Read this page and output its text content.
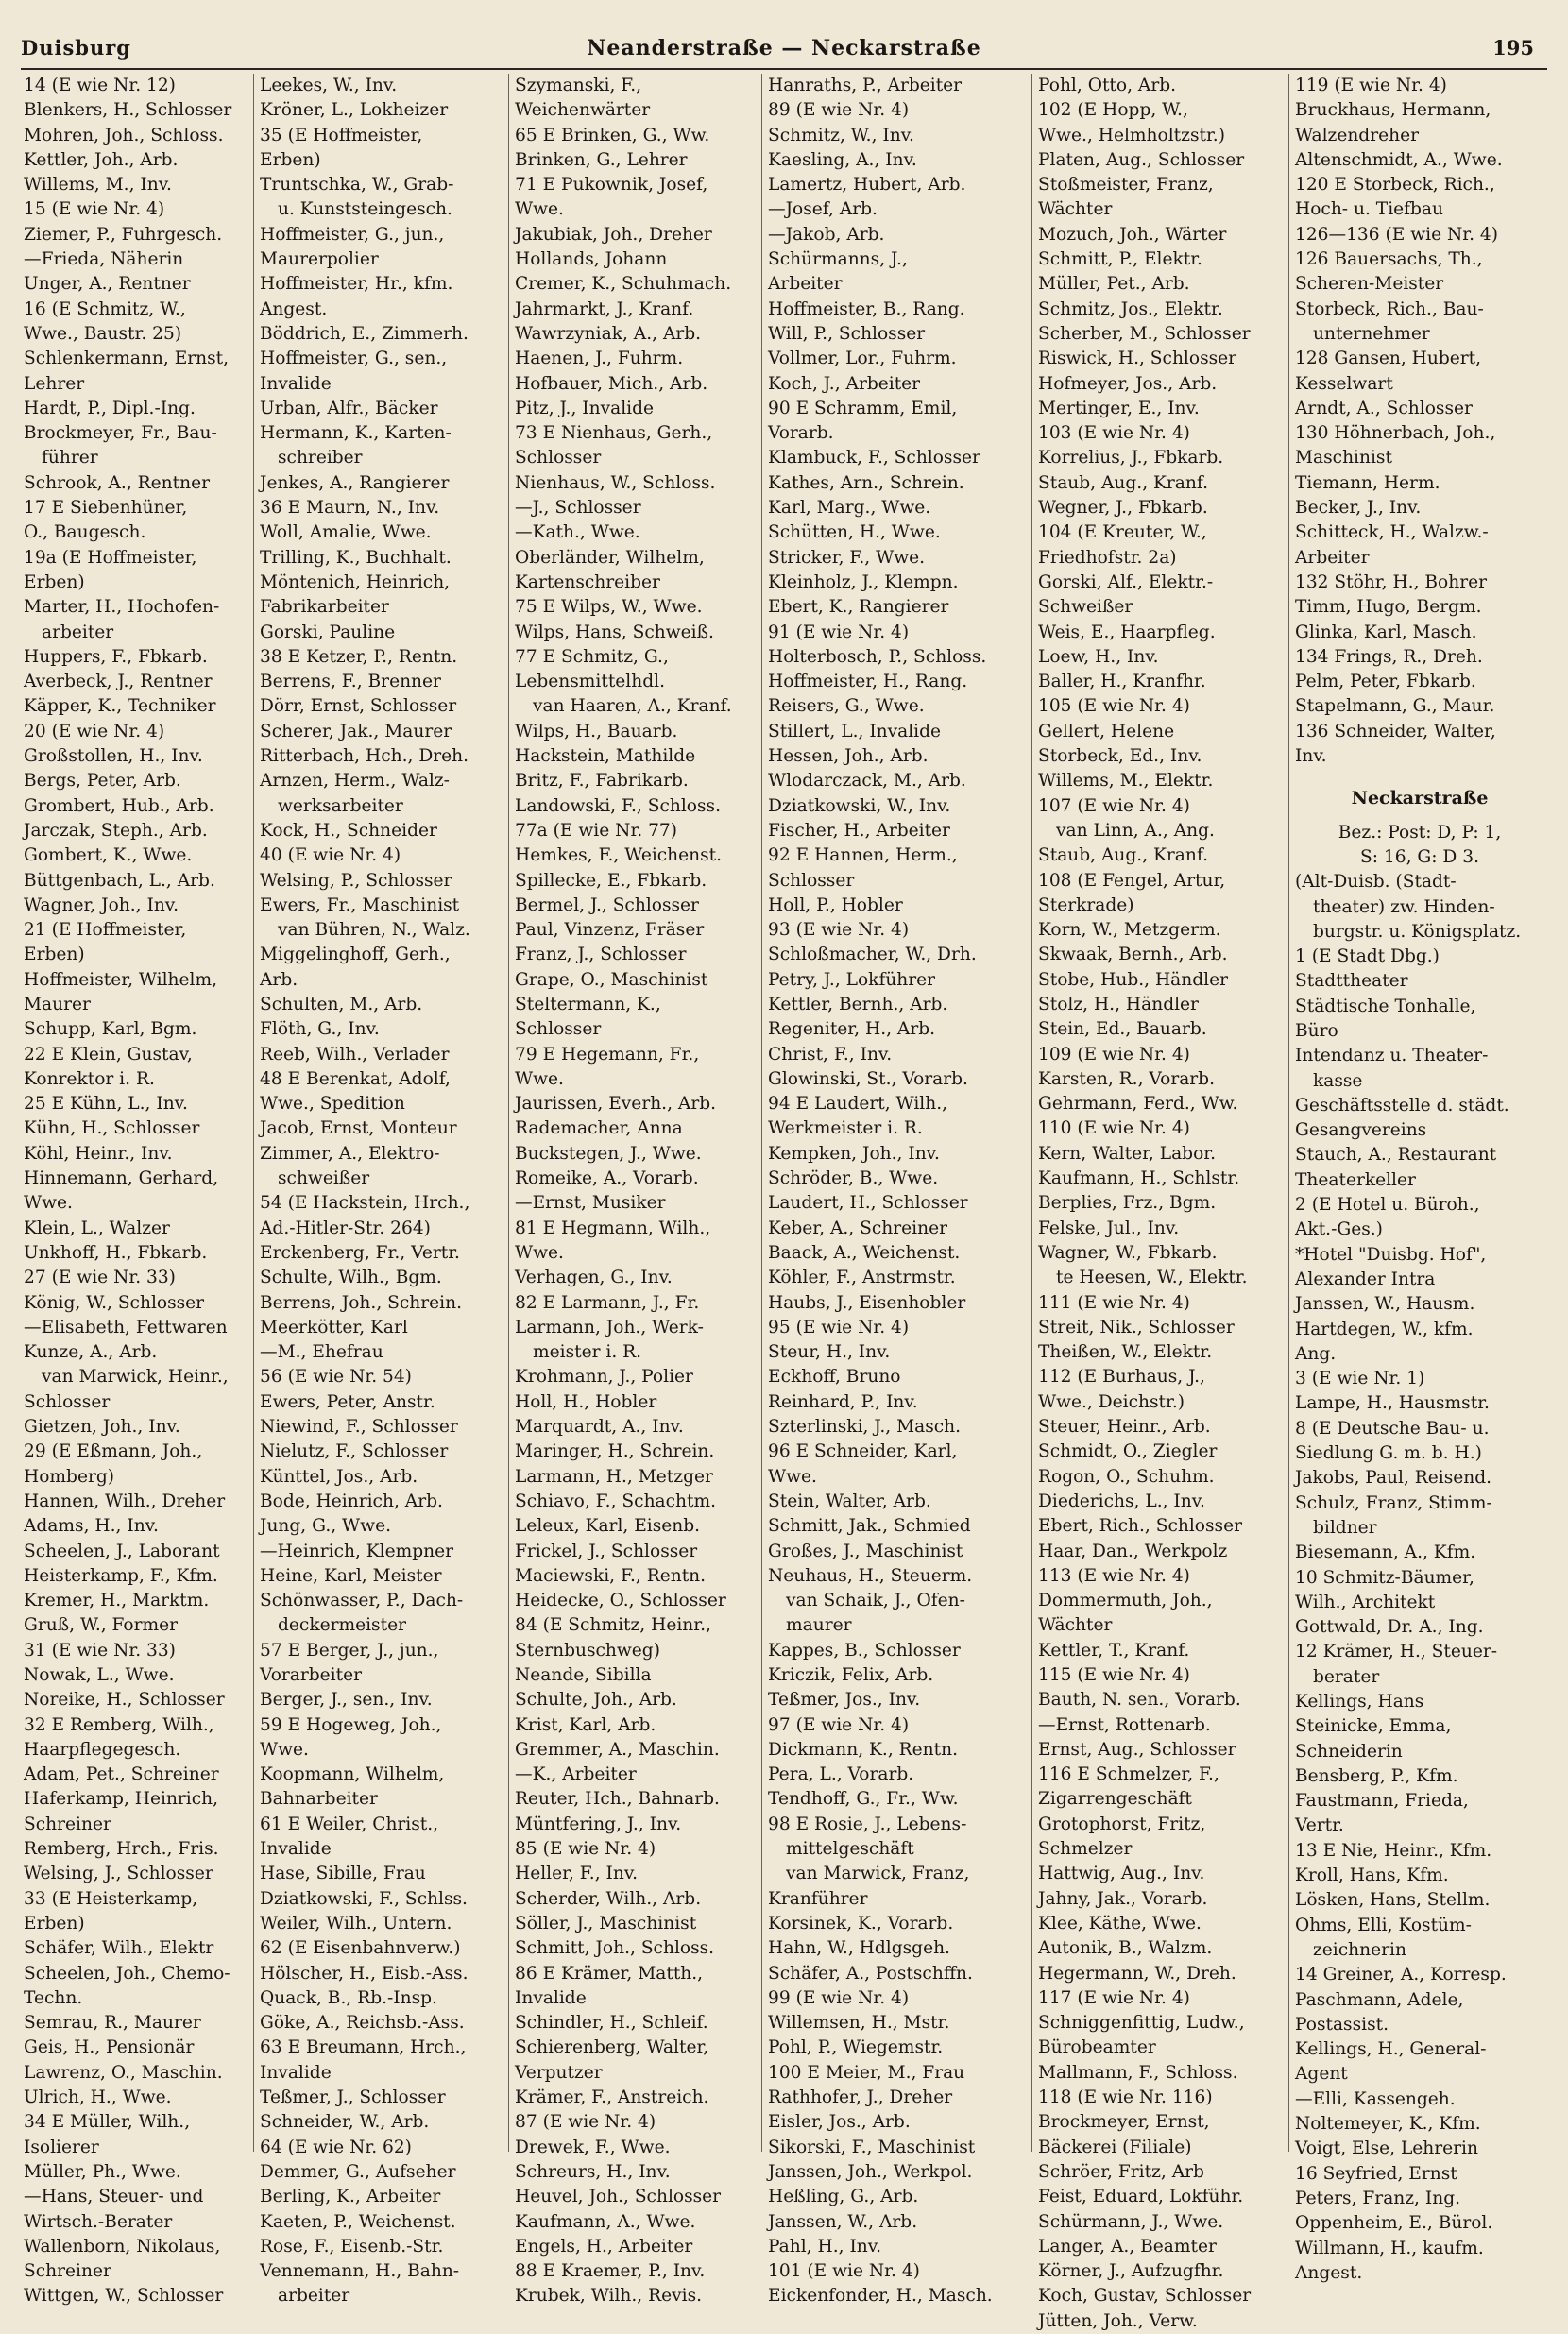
Duisburg	Neanderstraße — Neckarstraße	195
14 (E wie Nr. 12)
Blenkers, H., Schlosser
Mohren, Joh., Schloss.
Kettler, Joh., Arb.
Willems, M., Inv.
15 (E wie Nr. 4)
Ziemer, P., Fuhrgesch.
—Frieda, Näherin
Unger, A., Rentner
16 (E Schmitz, W.,
Wwe., Baustr. 25)
Schlenkermann, Ernst,
Lehrer
Hardt, P., Dipl.-Ing.
Brockmeyer, Fr., Bau-
führer
Schrook, A., Rentner
17 E Siebenhüner,
O., Baugesch.
19a (E Hoffmeister,
Erben)
Marter, H., Hochofen-
arbeiter
Huppers, F., Fbkarb.
Averbeck, J., Rentner
Käpper, K., Techniker
20 (E wie Nr. 4)
Großstollen, H., Inv.
Bergs, Peter, Arb.
Grombert, Hub., Arb.
Jarczak, Steph., Arb.
Gombert, K., Wwe.
Büttgenbach, L., Arb.
Wagner, Joh., Inv.
21 (E Hoffmeister,
Erben)
Hoffmeister, Wilhelm,
Maurer
Schupp, Karl, Bgm.
22 E Klein, Gustav,
Konrektor i. R.
25 E Kühn, L., Inv.
Kühn, H., Schlosser
Köhl, Heinr., Inv.
Hinnemann, Gerhard,
Wwe.
Klein, L., Walzer
Unkhoff, H., Fbkarb.
27 (E wie Nr. 33)
König, W., Schlosser
—Elisabeth, Fettwaren
Kunze, A., Arb.
van Marwick, Heinr.,
Schlosser
Gietzen, Joh., Inv.
29 (E Eßmann, Joh.,
Homberg)
Hannen, Wilh., Dreher
Adams, H., Inv.
Scheelen, J., Laborant
Heisterkamp, F., Kfm.
Kremer, H., Marktm.
Gruß, W., Former
31 (E wie Nr. 33)
Nowak, L., Wwe.
Noreike, H., Schlosser
32 E Remberg, Wilh.,
Haarpflegegesch.
Adam, Pet., Schreiner
Haferkamp, Heinrich,
Schreiner
Remberg, Hrch., Fris.
Welsing, J., Schlosser
33 (E Heisterkamp,
Erben)
Schäfer, Wilh., Elektr
Scheelen, Joh., Chemo-
Techn.
Semrau, R., Maurer
Geis, H., Pensionär
Lawrenz, O., Maschin.
Ulrich, H., Wwe.
34 E Müller, Wilh.,
Isolierer
Müller, Ph., Wwe.
—Hans, Steuer- und
Wirtsch.-Berater
Wallenborn, Nikolaus,
Schreiner
Wittgen, W., Schlosser
Leekes, W., Inv.
Kröner, L., Lokheizer
35 (E Hoffmeister,
Erben)
Truntschka, W., Grab-
u. Kunststeingesch.
Hoffmeister, G., jun.,
Maurerpolier
Hoffmeister, Hr., kfm.
Angest.
Böddrich, E., Zimmerh.
Hoffmeister, G., sen.,
Invalide
Urban, Alfr., Bäcker
Hermann, K., Karten-
schreiber
Jenkes, A., Rangierer
36 E Maurn, N., Inv.
Woll, Amalie, Wwe.
Trilling, K., Buchhalt.
Möntenich, Heinrich,
Fabrikarbeiter
Gorski, Pauline
38 E Ketzer, P., Rentn.
Berrens, F., Brenner
Dörr, Ernst, Schlosser
Scherer, Jak., Maurer
Ritterbach, Hch., Dreh.
Arnzen, Herm., Walz-
werksarbeiter
Kock, H., Schneider
40 (E wie Nr. 4)
Welsing, P., Schlosser
Ewers, Fr., Maschinist
van Bühren, N., Walz.
Miggelinghoff, Gerh.,
Arb.
Schulten, M., Arb.
Flöth, G., Inv.
Reeb, Wilh., Verlader
48 E Berenkat, Adolf,
Wwe., Spedition
Jacob, Ernst, Monteur
Zimmer, A., Elektro-
schweißer
54 (E Hackstein, Hrch.,
Ad.-Hitler-Str. 264)
Erckenberg, Fr., Vertr.
Schulte, Wilh., Bgm.
Berrens, Joh., Schrein.
Meerkötter, Karl
—M., Ehefrau
56 (E wie Nr. 54)
Ewers, Peter, Anstr.
Niewind, F., Schlosser
Nielutz, F., Schlosser
Künttel, Jos., Arb.
Bode, Heinrich, Arb.
Jung, G., Wwe.
—Heinrich, Klempner
Heine, Karl, Meister
Schönwasser, P., Dach-
deckermeister
57 E Berger, J., jun.,
Vorarbeiter
Berger, J., sen., Inv.
59 E Hogeweg, Joh.,
Wwe.
Koopmann, Wilhelm,
Bahnarbeiter
61 E Weiler, Christ.,
Invalide
Hase, Sibille, Frau
Dziatkowski, F., Schlss.
Weiler, Wilh., Untern.
62 (E Eisenbahnverw.)
Hölscher, H., Eisb.-Ass.
Quack, B., Rb.-Insp.
Göke, A., Reichsb.-Ass.
63 E Breumann, Hrch.,
Invalide
Teßmer, J., Schlosser
Schneider, W., Arb.
64 (E wie Nr. 62)
Demmer, G., Aufseher
Berling, K., Arbeiter
Kaeten, P., Weichenst.
Rose, F., Eisenb.-Str.
Vennemann, H., Bahn-
arbeiter
Szymanski, F.,
Weichenwärter
65 E Brinken, G., Ww.
Brinken, G., Lehrer
71 E Pukownik, Josef,
Wwe.
Jakubiak, Joh., Dreher
Hollands, Johann
Cremer, K., Schuhmach.
Jahrmarkt, J., Kranf.
Wawrzyniak, A., Arb.
Haenen, J., Fuhrm.
Hofbauer, Mich., Arb.
Pitz, J., Invalide
73 E Nienhaus, Gerh.,
Schlosser
Nienhaus, W., Schloss.
—J., Schlosser
—Kath., Wwe.
Oberländer, Wilhelm,
Kartenschreiber
75 E Wilps, W., Wwe.
Wilps, Hans, Schweiß.
77 E Schmitz, G.,
Lebensmittelhdl.
van Haaren, A., Kranf.
Wilps, H., Bauarb.
Hackstein, Mathilde
Britz, F., Fabrikarb.
Landowski, F., Schloss.
77a (E wie Nr. 77)
Hemkes, F., Weichenst.
Spillecke, E., Fbkarb.
Bermel, J., Schlosser
Paul, Vinzenz, Fräser
Franz, J., Schlosser
Grape, O., Maschinist
Steltermann, K.,
Schlosser
79 E Hegemann, Fr.,
Wwe.
Jaurissen, Everh., Arb.
Rademacher, Anna
Buckstegen, J., Wwe.
Romeike, A., Vorarb.
—Ernst, Musiker
81 E Hegmann, Wilh.,
Wwe.
Verhagen, G., Inv.
82 E Larmann, J., Fr.
Larmann, Joh., Werk-
meister i. R.
Krohmann, J., Polier
Holl, H., Hobler
Marquardt, A., Inv.
Maringer, H., Schrein.
Larmann, H., Metzger
Schiavo, F., Schachtm.
Leleux, Karl, Eisenb.
Frickel, J., Schlosser
Maciewski, F., Rentn.
Heidecke, O., Schlosser
84 (E Schmitz, Heinr.,
Sternbuschweg)
Neande, Sibilla
Schulte, Joh., Arb.
Krist, Karl, Arb.
Gremmer, A., Maschin.
—K., Arbeiter
Reuter, Hch., Bahnarb.
Müntfering, J., Inv.
85 (E wie Nr. 4)
Heller, F., Inv.
Scherder, Wilh., Arb.
Söller, J., Maschinist
Schmitt, Joh., Schloss.
86 E Krämer, Matth.,
Invalide
Schindler, H., Schleif.
Schierenberg, Walter,
Verputzer
Krämer, F., Anstreich.
87 (E wie Nr. 4)
Drewek, F., Wwe.
Schreurs, H., Inv.
Heuvel, Joh., Schlosser
Kaufmann, A., Wwe.
Engels, H., Arbeiter
88 E Kraemer, P., Inv.
Krubek, Wilh., Revis.
Hanraths, P., Arbeiter
89 (E wie Nr. 4)
Schmitz, W., Inv.
Kaesling, A., Inv.
Lamertz, Hubert, Arb.
—Josef, Arb.
—Jakob, Arb.
Schürmanns, J.,
Arbeiter
Hoffmeister, B., Rang.
Will, P., Schlosser
Vollmer, Lor., Fuhrm.
Koch, J., Arbeiter
90 E Schramm, Emil,
Vorarb.
Klambuck, F., Schlosser
Kathes, Arn., Schrein.
Karl, Marg., Wwe.
Schütten, H., Wwe.
Stricker, F., Wwe.
Kleinholz, J., Klempn.
Ebert, K., Rangierer
91 (E wie Nr. 4)
Holterbosch, P., Schloss.
Hoffmeister, H., Rang.
Reisers, G., Wwe.
Stillert, L., Invalide
Hessen, Joh., Arb.
Wlodarczack, M., Arb.
Dziatkowski, W., Inv.
Fischer, H., Arbeiter
92 E Hannen, Herm.,
Schlosser
Holl, P., Hobler
93 (E wie Nr. 4)
Schloßmacher, W., Drh.
Petry, J., Lokführer
Kettler, Bernh., Arb.
Regeniter, H., Arb.
Christ, F., Inv.
Glowinski, St., Vorarb.
94 E Laudert, Wilh.,
Werkmeister i. R.
Kempken, Joh., Inv.
Schröder, B., Wwe.
Laudert, H., Schlosser
Keber, A., Schreiner
Baack, A., Weichenst.
Köhler, F., Anstrmstr.
Haubs, J., Eisenhobler
95 (E wie Nr. 4)
Steur, H., Inv.
Eckhoff, Bruno
Reinhard, P., Inv.
Szterlinski, J., Masch.
96 E Schneider, Karl,
Wwe.
Stein, Walter, Arb.
Schmitt, Jak., Schmied
Großes, J., Maschinist
Neuhaus, H., Steuerm.
van Schaik, J., Ofen-
maurer
Kappes, B., Schlosser
Kriczik, Felix, Arb.
Teßmer, Jos., Inv.
97 (E wie Nr. 4)
Dickmann, K., Rentn.
Pera, L., Vorarb.
Tendhoff, G., Fr., Ww.
98 E Rosie, J., Lebens-
mittelgeschäft
van Marwick, Franz,
Kranführer
Korsinek, K., Vorarb.
Hahn, W., Hdlgsgeh.
Schäfer, A., Postschffn.
99 (E wie Nr. 4)
Willemsen, H., Mstr.
Pohl, P., Wiegemstr.
100 E Meier, M., Frau
Rathhofer, J., Dreher
Eisler, Jos., Arb.
Sikorski, F., Maschinist
Janssen, Joh., Werkpol.
Heßling, G., Arb.
Janssen, W., Arb.
Pahl, H., Inv.
101 (E wie Nr. 4)
Eickenfonder, H., Masch.
Pohl, Otto, Arb.
102 (E Hopp, W.,
Wwe., Helmholtzstr.)
Platen, Aug., Schlosser
Stoßmeister, Franz,
Wächter
Mozuch, Joh., Wärter
Schmitt, P., Elektr.
Müller, Pet., Arb.
Schmitz, Jos., Elektr.
Scherber, M., Schlosser
Riswick, H., Schlosser
Hofmeyer, Jos., Arb.
Mertinger, E., Inv.
103 (E wie Nr. 4)
Korrelius, J., Fbkarb.
Staub, Aug., Kranf.
Wegner, J., Fbkarb.
104 (E Kreuter, W.,
Friedhofstr. 2a)
Gorski, Alf., Elektr.-
Schweißer
Weis, E., Haarpfleg.
Loew, H., Inv.
Baller, H., Kranfhr.
105 (E wie Nr. 4)
Gellert, Helene
Storbeck, Ed., Inv.
Willems, M., Elektr.
107 (E wie Nr. 4)
van Linn, A., Ang.
Staub, Aug., Kranf.
108 (E Fengel, Artur,
Sterkrade)
Korn, W., Metzgerm.
Skwaak, Bernh., Arb.
Stobe, Hub., Händler
Stolz, H., Händler
Stein, Ed., Bauarb.
109 (E wie Nr. 4)
Karsten, R., Vorarb.
Gehrmann, Ferd., Ww.
110 (E wie Nr. 4)
Kern, Walter, Labor.
Kaufmann, H., Schlstr.
Berplies, Frz., Bgm.
Felske, Jul., Inv.
Wagner, W., Fbkarb.
te Heesen, W., Elektr.
111 (E wie Nr. 4)
Streit, Nik., Schlosser
Theißen, W., Elektr.
112 (E Burhaus, J.,
Wwe., Deichstr.)
Steuer, Heinr., Arb.
Schmidt, O., Ziegler
Rogon, O., Schuhm.
Diederichs, L., Inv.
Ebert, Rich., Schlosser
Haar, Dan., Werkpolz
113 (E wie Nr. 4)
Dommermuth, Joh.,
Wächter
Kettler, T., Kranf.
115 (E wie Nr. 4)
Bauth, N. sen., Vorarb.
—Ernst, Rottenarb.
Ernst, Aug., Schlosser
116 E Schmelzer, F.,
Zigarrengeschäft
Grotophorst, Fritz,
Schmelzer
Hattwig, Aug., Inv.
Jahny, Jak., Vorarb.
Klee, Käthe, Wwe.
Autonik, B., Walzm.
Hegermann, W., Dreh.
117 (E wie Nr. 4)
Schniggenfittig, Ludw.,
Bürobeamter
Mallmann, F., Schloss.
118 (E wie Nr. 116)
Brockmeyer, Ernst,
Bäckerei (Filiale)
Schröer, Fritz, Arb
Feist, Eduard, Lokführ.
Schürmann, J., Wwe.
Langer, A., Beamter
Körner, J., Aufzugfhr.
Koch, Gustav, Schlosser
Jütten, Joh., Verw.
119 (E wie Nr. 4)
Bruckhaus, Hermann,
Walzendreher
Altenschmidt, A., Wwe.
120 E Storbeck, Rich.,
Hoch- u. Tiefbau
126—136 (E wie Nr. 4)
126 Bauersachs, Th.,
Scheren-Meister
Storbeck, Rich., Bau-
unternehmer
128 Gansen, Hubert,
Kesselwart
Arndt, A., Schlosser
130 Höhnerbach, Joh.,
Maschinist
Tiemann, Herm.
Becker, J., Inv.
Schitteck, H., Walzw.-
Arbeiter
132 Stöhr, H., Bohrer
Timm, Hugo, Bergm.
Glinka, Karl, Masch.
134 Frings, R., Dreh.
Pelm, Peter, Fbkarb.
Stapelmann, G., Maur.
136 Schneider, Walter,
Inv.
Neckarstraße
Bez.: Post: D, P: 1,
S: 16, G: D 3.
(Alt-Duisb. (Stadt-
theater) zw. Hinden-
burgstr. u. Königsplatz.
1 (E Stadt Dbg.)
Stadttheater
Städtische Tonhalle,
Büro
Intendanz u. Theater-
kasse
Geschäftsstelle d. städt.
Gesangvereins
Stauch, A., Restaurant
Theaterkeller
2 (E Hotel u. Büroh.,
Akt.-Ges.)
*Hotel "Duisbg. Hof",
Alexander Intra
Janssen, W., Hausm.
Hartdegen, W., kfm.
Ang.
3 (E wie Nr. 1)
Lampe, H., Hausmstr.
8 (E Deutsche Bau- u.
Siedlung G. m. b. H.)
Jakobs, Paul, Reisend.
Schulz, Franz, Stimm-
bildner
Biesemann, A., Kfm.
10 Schmitz-Bäumer,
Wilh., Architekt
Gottwald, Dr. A., Ing.
12 Krämer, H., Steuer-
berater
Kellings, Hans
Steinicke, Emma,
Schneiderin
Bensberg, P., Kfm.
Faustmann, Frieda,
Vertr.
13 E Nie, Heinr., Kfm.
Kroll, Hans, Kfm.
Lösken, Hans, Stellm.
Ohms, Elli, Kostüm-
zeichnerin
14 Greiner, A., Korresp.
Paschmann, Adele,
Postassist.
Kellings, H., General-
Agent
—Elli, Kassengeh.
Noltemeyer, K., Kfm.
Voigt, Else, Lehrerin
16 Seyfried, Ernst
Peters, Franz, Ing.
Oppenheim, E., Bürol.
Willmann, H., kaufm.
Angest.
